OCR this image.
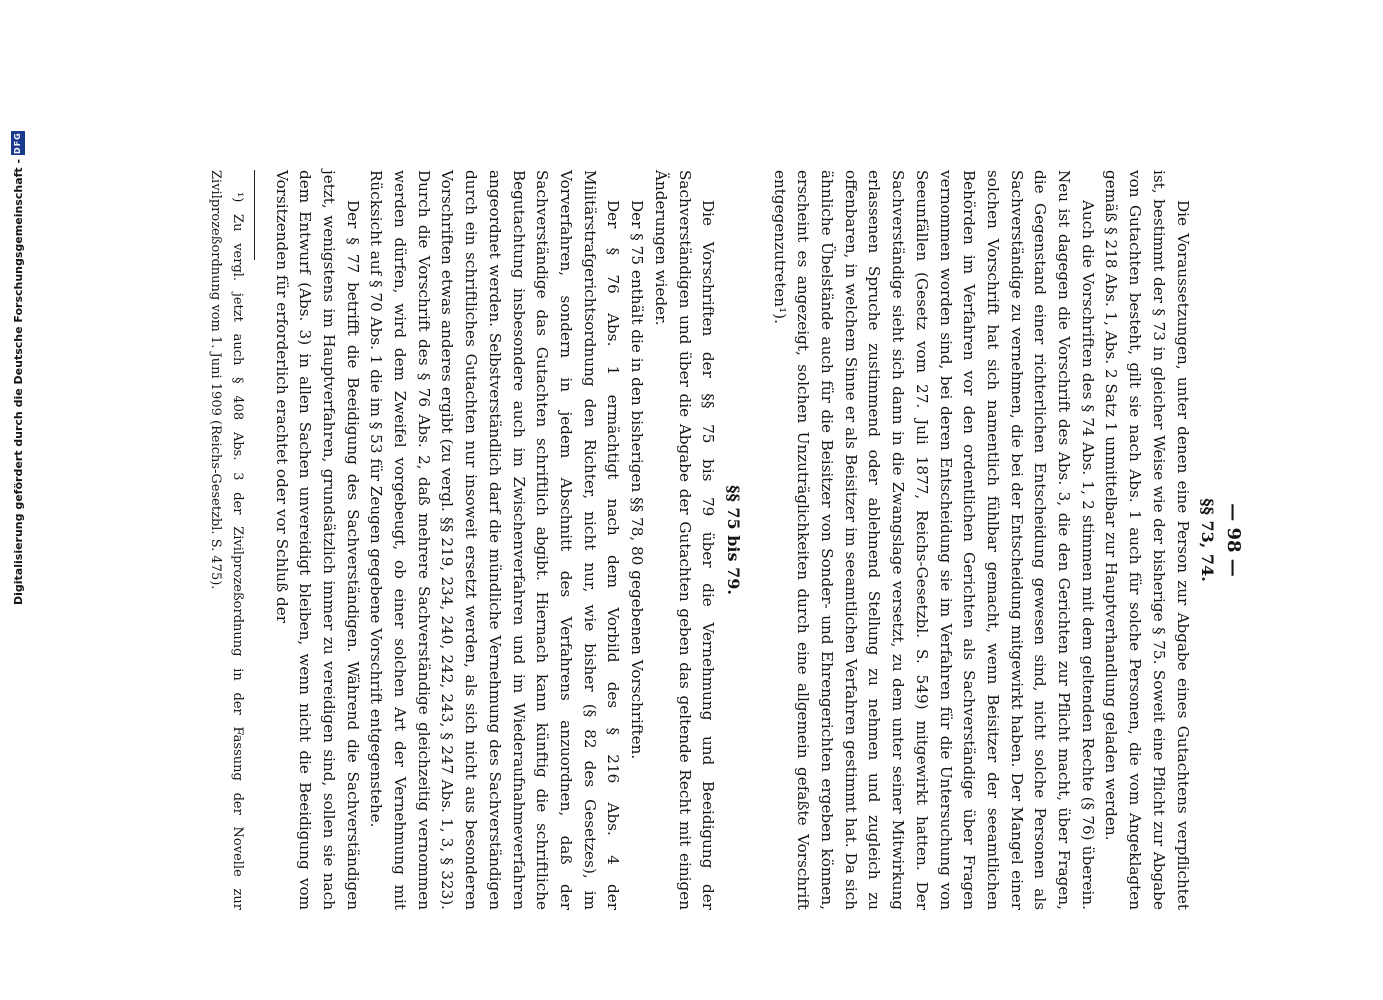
— 98 —
§§ 73, 74.

Die Voraussetzungen, unter denen eine Person zur Abgabe eines Gutachtens verpflichtet ist, bestimmt der § 73 in gleicher Weise wie der bisherige § 75. Soweit eine Pflicht zur Abgabe von Gutachten besteht, gilt sie nach Abs. 1 auch für solche Personen, die vom Angeklagten gemäß § 218 Abs. 1, Abs. 2 Satz 1 unmittelbar zur Hauptverhandlung geladen werden.

Auch die Vorschriften des § 74 Abs. 1, 2 stimmen mit dem geltenden Rechte (§ 76) überein. Neu ist dagegen die Vorschrift des Abs. 3, die den Gerichten zur Pflicht macht, über Fragen, die Gegenstand einer richterlichen Entscheidung gewesen sind, nicht solche Personen als Sachverständige zu vernehmen, die bei der Entscheidung mitgewirkt haben. Der Mangel einer solchen Vorschrift hat sich namentlich fühlbar gemacht, wenn Beisitzer der seeamtlichen Behörden im Verfahren vor den ordentlichen Gerichten als Sachverständige über Fragen vernommen worden sind, bei deren Entscheidung sie im Verfahren für die Untersuchung von Seeunfällen (Gesetz vom 27. Juli 1877, Reichs-Gesetzbl. S. 549) mitgewirkt hatten. Der Sachverständige sieht sich dann in die Zwangslage versetzt, zu dem unter seiner Mitwirkung erlassenen Spruche zustimmend oder ablehnend Stellung zu nehmen und zugleich zu offenbaren, in welchem Sinne er als Beisitzer im seeamtlichen Verfahren gestimmt hat. Da sich ähnliche Übelstände auch für die Beisitzer von Sonder- und Ehrengerichten ergeben können, erscheint es angezeigt, solchen Unzuträglichkeiten durch eine allgemein gefaßte Vorschrift entgegenzutreten¹).

§§ 75 bis 79.

Die Vorschriften der §§ 75 bis 79 über die Vernehmung und Beeidigung der Sachverständigen und über die Abgabe der Gutachten geben das geltende Recht mit einigen Änderungen wieder.

Der § 75 enthält die in den bisherigen §§ 78, 80 gegebenen Vorschriften.

Der § 76 Abs. 1 ermächtigt nach dem Vorbild des § 216 Abs. 4 der Militärstrafgerichtsordnung den Richter, nicht nur, wie bisher (§ 82 des Gesetzes), im Vorverfahren, sondern in jedem Abschnitt des Verfahrens anzuordnen, daß der Sachverständige das Gutachten schriftlich abgibt. Hiernach kann künftig die schriftliche Begutachtung insbesondere auch im Zwischenverfahren und im Wiederaufnahmeverfahren angeordnet werden. Selbstverständlich darf die mündliche Vernehmung des Sachverständigen durch ein schriftliches Gutachten nur insoweit ersetzt werden, als sich nicht aus besonderen Vorschriften etwas anderes ergibt (zu vergl. §§ 219, 234, 240, 242, 243, § 247 Abs. 1, 3, § 323). Durch die Vorschrift des § 76 Abs. 2, daß mehrere Sachverständige gleichzeitig vernommen werden dürfen, wird dem Zweifel vorgebeugt, ob einer solchen Art der Vernehmung mit Rücksicht auf § 70 Abs. 1 die im § 53 für Zeugen gegebene Vorschrift entgegenstehe.

Der § 77 betrifft die Beeidigung des Sachverständigen. Während die Sachverständigen jetzt, wenigstens im Hauptverfahren, grundsätzlich immer zu vereidigen sind, sollen sie nach dem Entwurf (Abs. 3) in allen Sachen unvereidigt bleiben, wenn nicht die Beeidigung vom Vorsitzenden für erforderlich erachtet oder vor Schluß der

¹) Zu vergl. jetzt auch § 408 Abs. 3 der Zivilprozeßordnung in der Fassung der Novelle zur Zivilprozeßordnung vom 1. Juni 1909 (Reichs-Gesetzbl. S. 475).

Digitalisierung gefördert durch die Deutsche Forschungsgemeinschaft -
DFG
